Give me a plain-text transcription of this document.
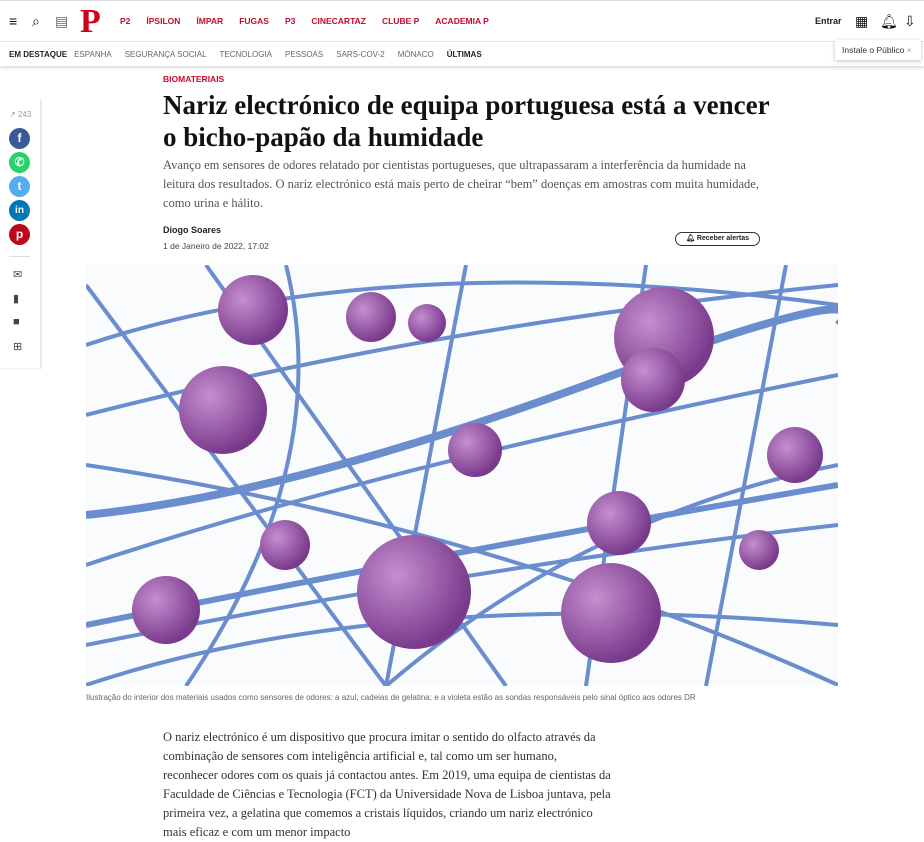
≡ ⌕ ▤ P P2 ÍPSILON ÍMPAR FUGAS P3 CINECARTAZ CLUBE P ACADEMIA P	Entrar ▦ 🔔︎ ⇩
EM DESTAQUE ESPANHA SEGURANÇA SOCIAL TECNOLOGIA PESSOAS SARS-COV-2 MÓNACO ÚLTIMAS	Instale o Público ×
↗ 243
f
✆
t
in
p
✉
▮
■
⊞
BIOMATERIAIS
Nariz electrónico de equipa portuguesa está a vencer o bicho-papão da humidade

Avanço em sensores de odores relatado por cientistas portugueses, que ultrapassaram a interferência da humidade na leitura dos resultados. O nariz electrónico está mais perto de cheirar “bem” doenças em amostras com muita humidade, como urina e hálito.

Diogo Soares
1 de Janeiro de 2022, 17:02
🔔︎ Receber alertas
Ilustração do interior dos materiais usados como sensores de odores: a azul, cadeias de gelatina; e a violeta estão as sondas responsáveis pelo sinal óptico aos odores DR

O nariz electrónico é um dispositivo que procura imitar o sentido do olfacto através da combinação de sensores com inteligência artificial e, tal como um ser humano, reconhecer odores com os quais já contactou antes. Em 2019, uma equipa de cientistas da Faculdade de Ciências e Tecnologia (FCT) da Universidade Nova de Lisboa juntava, pela primeira vez, a gelatina que comemos a cristais líquidos, criando um nariz electrónico mais eficaz e com um menor impacto
